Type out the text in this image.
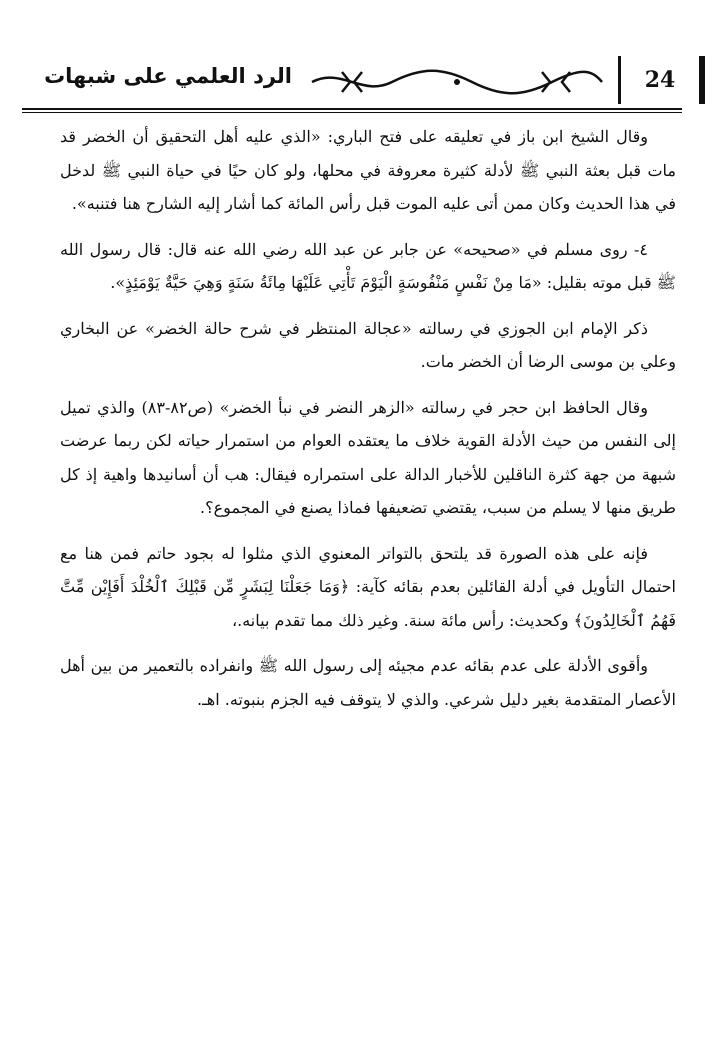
الرد العلمي على شبهات	24

وقال الشيخ ابن باز في تعليقه على فتح الباري: «الذي عليه أهل التحقيق أن الخضر قد مات قبل بعثة النبي ﷺ لأدلة كثيرة معروفة في محلها، ولو كان حيًا في حياة النبي ﷺ لدخل في هذا الحديث وكان ممن أتى عليه الموت قبل رأس المائة كما أشار إليه الشارح هنا فتنبه».

٤- روى مسلم في «صحيحه» عن جابر عن عبد الله رضي الله عنه قال: قال رسول الله ﷺ قبل موته بقليل: «مَا مِنْ نَفْسٍ مَنْفُوسَةٍ الْيَوْمَ تَأْتِي عَلَيْهَا مِائَةُ سَنَةٍ وَهِيَ حَيَّةٌ يَوْمَئِذٍ».

ذكر الإمام ابن الجوزي في رسالته «عجالة المنتظر في شرح حالة الخضر» عن البخاري وعلي بن موسى الرضا أن الخضر مات.

وقال الحافظ ابن حجر في رسالته «الزهر النضر في نبأ الخضر» (ص٨٢-٨٣) والذي تميل إلى النفس من حيث الأدلة القوية خلاف ما يعتقده العوام من استمرار حياته لكن ربما عرضت شبهة من جهة كثرة الناقلين للأخبار الدالة على استمراره فيقال: هب أن أسانيدها واهية إذ كل طريق منها لا يسلم من سبب، يقتضي تضعيفها فماذا يصنع في المجموع؟.

فإنه على هذه الصورة قد يلتحق بالتواتر المعنوي الذي مثلوا له بجود حاتم فمن هنا مع احتمال التأويل في أدلة القائلين بعدم بقائه كآية: ﴿وَمَا جَعَلْنَا لِبَشَرٍ مِّن قَبْلِكَ ٱلْخُلْدَ أَفَإِيْن مِّتَّ فَهُمُ ٱلْخَالِدُونَ﴾ وكحديث: رأس مائة سنة. وغير ذلك مما تقدم بيانه.،

وأقوى الأدلة على عدم بقائه عدم مجيئه إلى رسول الله ﷺ وانفراده بالتعمير من بين أهل الأعصار المتقدمة بغير دليل شرعي. والذي لا يتوقف فيه الجزم بنبوته. اهـ.
